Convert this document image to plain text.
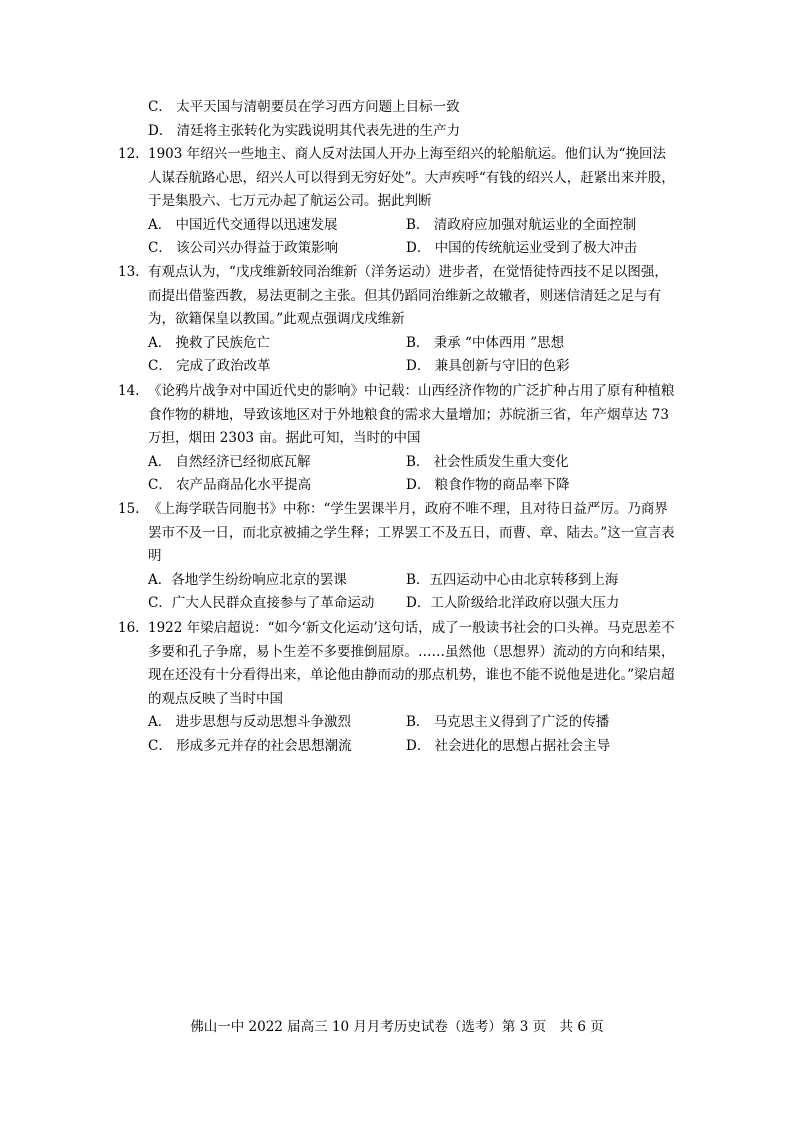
C． 太平天国与清朝要员在学习西方问题上目标一致
D． 清廷将主张转化为实践说明其代表先进的生产力
12. 1903 年绍兴一些地主、商人反对法国人开办上海至绍兴的轮船航运。他们认为“挽回法人谋吞航路心思，绍兴人可以得到无穷好处”。大声疾呼“有钱的绍兴人，赶紧出来并股，于是集股六、七万元办起了航运公司。据此判断
A． 中国近代交通得以迅速发展	B． 清政府应加强对航运业的全面控制
C． 该公司兴办得益于政策影响	D． 中国的传统航运业受到了极大冲击
13. 有观点认为，“戊戌维新较同治维新（洋务运动）进步者，在觉悟徒恃西技不足以图强，而提出借鉴西教，易法更制之主张。但其仍蹈同治维新之故辙者，则迷信清廷之足与有为，欲籍保皇以教国。”此观点强调戊戌维新
A． 挽救了民族危亡	B． 秉承 “中体西用 ”思想
C． 完成了政治改革	D． 兼具创新与守旧的色彩
14. 《论鸦片战争对中国近代史的影响》中记载：山西经济作物的广泛扩种占用了原有种植粮食作物的耕地，导致该地区对于外地粮食的需求大量增加；苏皖浙三省，年产烟草达 73 万担，烟田 2303 亩。据此可知，当时的中国
A． 自然经济已经彻底瓦解	B． 社会性质发生重大变化
C． 农产品商品化水平提高	D． 粮食作物的商品率下降
15. 《上海学联告同胞书》中称：“学生罢课半月，政府不唯不理，且对待日益严厉。乃商界罢市不及一日，而北京被捕之学生释；工界罢工不及五日，而曹、章、陆去。”这一宣言表明
A．各地学生纷纷响应北京的罢课	B．五四运动中心由北京转移到上海
C．广大人民群众直接参与了革命运动	D．工人阶级给北洋政府以强大压力
16. 1922 年梁启超说：“如今‘新文化运动’这句话，成了一般读书社会的口头禅。马克思差不多要和孔子争席，易卜生差不多要推倒屈原。……虽然他（思想界）流动的方向和结果，现在还没有十分看得出来，单论他由静而动的那点机势，谁也不能不说他是进化。”梁启超的观点反映了当时中国
A． 进步思想与反动思想斗争激烈	B． 马克思主义得到了广泛的传播
C． 形成多元并存的社会思想潮流	D． 社会进化的思想占据社会主导
佛山一中 2022 届高三 10 月月考历史试卷（选考）第 3 页　共 6 页
